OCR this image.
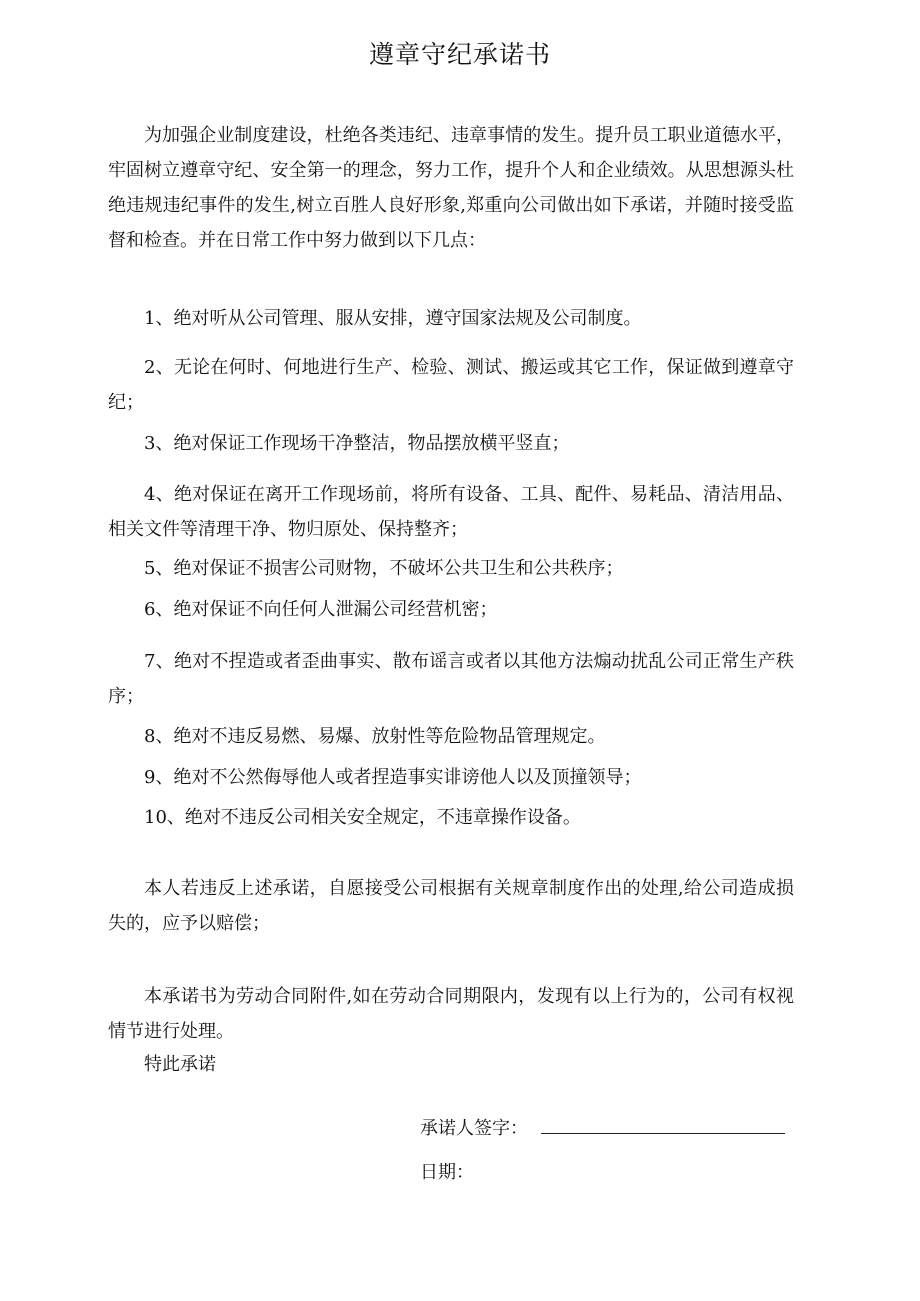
遵章守纪承诺书

为加强企业制度建设，杜绝各类违纪、违章事情的发生。提升员工职业道德水平，牢固树立遵章守纪、安全第一的理念，努力工作，提升个人和企业绩效。从思想源头杜绝违规违纪事件的发生,树立百胜人良好形象,郑重向公司做出如下承诺，并随时接受监督和检查。并在日常工作中努力做到以下几点：

1、绝对听从公司管理、服从安排，遵守国家法规及公司制度。

2、无论在何时、何地进行生产、检验、测试、搬运或其它工作，保证做到遵章守纪；

3、绝对保证工作现场干净整洁，物品摆放横平竖直；

4、绝对保证在离开工作现场前，将所有设备、工具、配件、易耗品、清洁用品、相关文件等清理干净、物归原处、保持整齐；

5、绝对保证不损害公司财物，不破坏公共卫生和公共秩序；

6、绝对保证不向任何人泄漏公司经营机密；

7、绝对不捏造或者歪曲事实、散布谣言或者以其他方法煽动扰乱公司正常生产秩序；

8、绝对不违反易燃、易爆、放射性等危险物品管理规定。

9、绝对不公然侮辱他人或者捏造事实诽谤他人以及顶撞领导；

10、绝对不违反公司相关安全规定，不违章操作设备。

本人若违反上述承诺，自愿接受公司根据有关规章制度作出的处理,给公司造成损失的，应予以赔偿；

本承诺书为劳动合同附件,如在劳动合同期限内，发现有以上行为的，公司有权视情节进行处理。

特此承诺

承诺人签字：
日期：
